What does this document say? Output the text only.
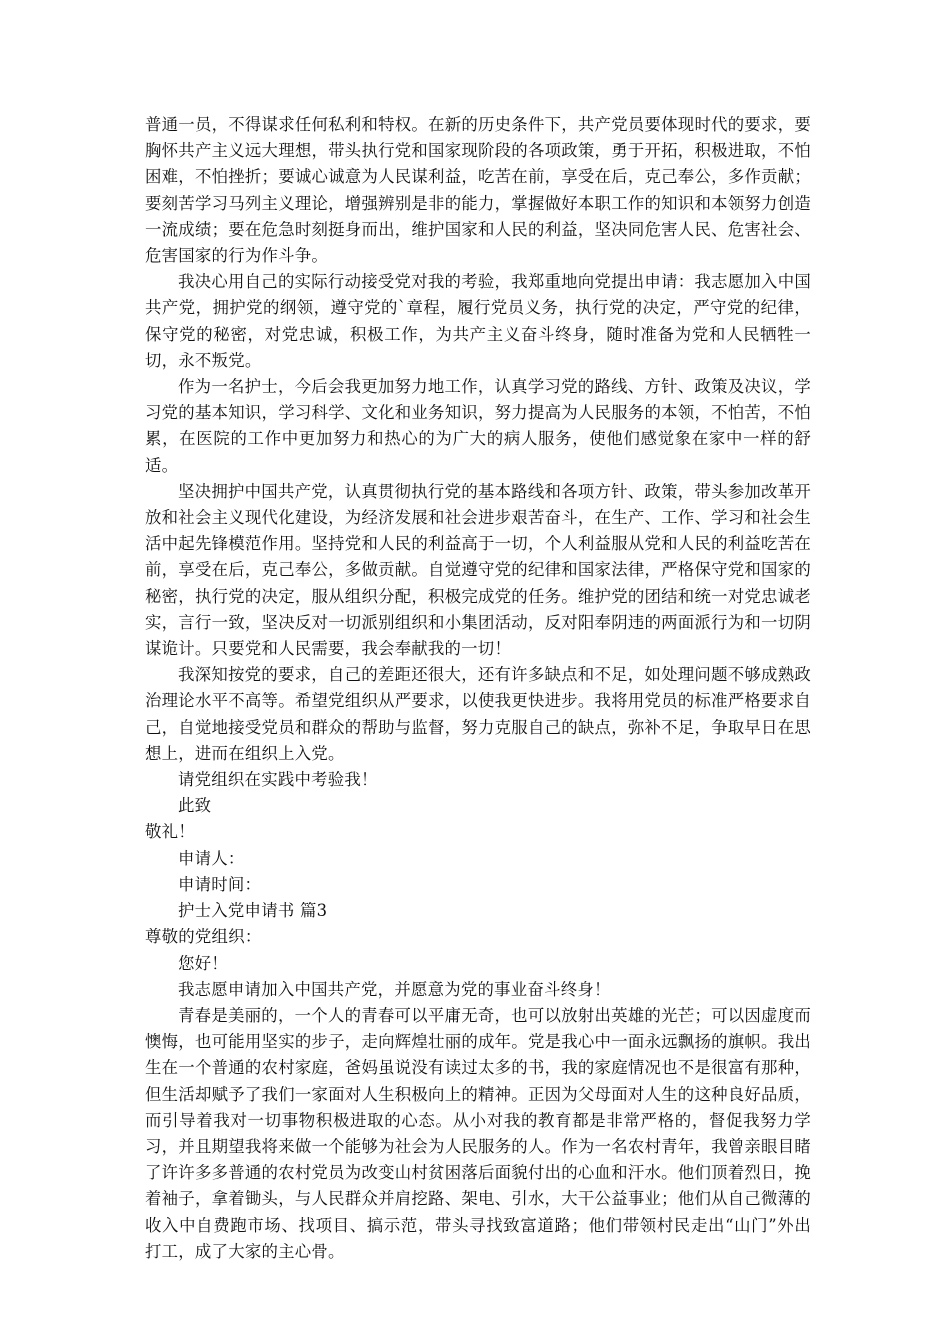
普通一员，不得谋求任何私利和特权。在新的历史条件下，共产党员要体现时代的要求，要胸怀共产主义远大理想，带头执行党和国家现阶段的各项政策，勇于开拓，积极进取，不怕困难，不怕挫折；要诚心诚意为人民谋利益，吃苦在前，享受在后，克己奉公，多作贡献；要刻苦学习马列主义理论，增强辨别是非的能力，掌握做好本职工作的知识和本领努力创造一流成绩；要在危急时刻挺身而出，维护国家和人民的利益，坚决同危害人民、危害社会、危害国家的行为作斗争。

我决心用自己的实际行动接受党对我的考验，我郑重地向党提出申请：我志愿加入中国共产党，拥护党的纲领，遵守党的`章程，履行党员义务，执行党的决定，严守党的纪律，保守党的秘密，对党忠诚，积极工作，为共产主义奋斗终身，随时准备为党和人民牺牲一切，永不叛党。

作为一名护士，今后会我更加努力地工作，认真学习党的路线、方针、政策及决议，学习党的基本知识，学习科学、文化和业务知识，努力提高为人民服务的本领，不怕苦，不怕累，在医院的工作中更加努力和热心的为广大的病人服务，使他们感觉象在家中一样的舒适。

坚决拥护中国共产党，认真贯彻执行党的基本路线和各项方针、政策，带头参加改革开放和社会主义现代化建设，为经济发展和社会进步艰苦奋斗，在生产、工作、学习和社会生活中起先锋模范作用。坚持党和人民的利益高于一切，个人利益服从党和人民的利益吃苦在前，享受在后，克己奉公，多做贡献。自觉遵守党的纪律和国家法律，严格保守党和国家的秘密，执行党的决定，服从组织分配，积极完成党的任务。维护党的团结和统一对党忠诚老实，言行一致，坚决反对一切派别组织和小集团活动，反对阳奉阴违的两面派行为和一切阴谋诡计。只要党和人民需要，我会奉献我的一切！

我深知按党的要求，自己的差距还很大，还有许多缺点和不足，如处理问题不够成熟政治理论水平不高等。希望党组织从严要求，以使我更快进步。我将用党员的标准严格要求自己，自觉地接受党员和群众的帮助与监督，努力克服自己的缺点，弥补不足，争取早日在思想上，进而在组织上入党。

请党组织在实践中考验我！

此致

敬礼！

申请人：

申请时间：

护士入党申请书 篇3

尊敬的党组织：

您好！

我志愿申请加入中国共产党，并愿意为党的事业奋斗终身！

青春是美丽的，一个人的青春可以平庸无奇，也可以放射出英雄的光芒；可以因虚度而懊悔，也可能用坚实的步子，走向辉煌壮丽的成年。党是我心中一面永远飘扬的旗帜。我出生在一个普通的农村家庭，爸妈虽说没有读过太多的书，我的家庭情况也不是很富有那种，但生活却赋予了我们一家面对人生积极向上的精神。正因为父母面对人生的这种良好品质，而引导着我对一切事物积极进取的心态。从小对我的教育都是非常严格的，督促我努力学习，并且期望我将来做一个能够为社会为人民服务的人。作为一名农村青年，我曾亲眼目睹了许许多多普通的农村党员为改变山村贫困落后面貌付出的心血和汗水。他们顶着烈日，挽着袖子，拿着锄头，与人民群众并肩挖路、架电、引水，大干公益事业；他们从自己微薄的收入中自费跑市场、找项目、搞示范，带头寻找致富道路；他们带领村民走出“山门”外出打工，成了大家的主心骨。
